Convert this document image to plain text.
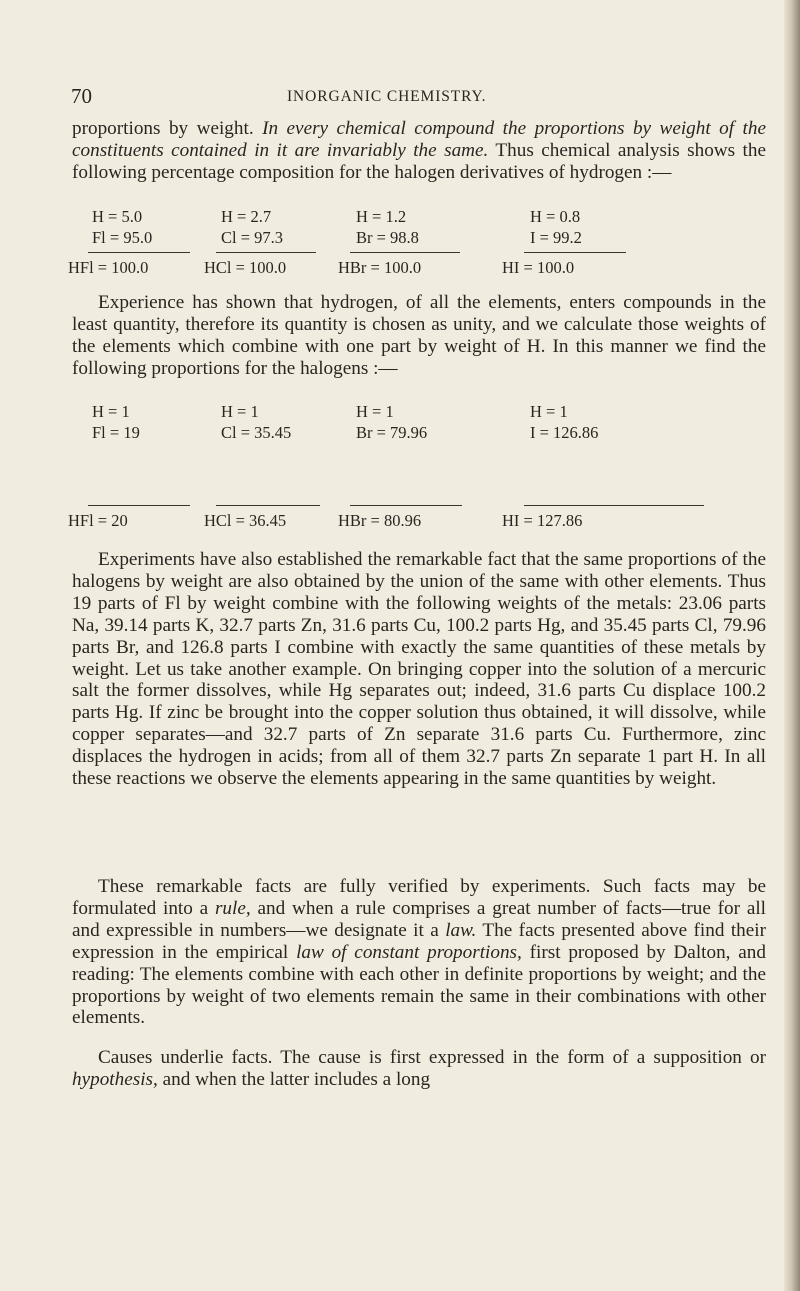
70	INORGANIC CHEMISTRY.
proportions by weight. In every chemical compound the proportions by weight of the constituents contained in it are invariably the same. Thus chemical analysis shows the following percentage composition for the halogen derivatives of hydrogen :—
H = 5.0	H = 2.7	H = 1.2	H = 0.8
Fl = 95.0	Cl = 97.3	Br = 98.8	I = 99.2
HFl = 100.0	HCl = 100.0	HBr = 100.0	HI = 100.0
Experience has shown that hydrogen, of all the elements, enters compounds in the least quantity, therefore its quantity is chosen as unity, and we calculate those weights of the elements which combine with one part by weight of H. In this manner we find the following proportions for the halogens :—
H = 1	H = 1	H = 1	H = 1
Fl = 19	Cl = 35.45	Br = 79.96	I = 126.86
HFl = 20	HCl = 36.45	HBr = 80.96	HI = 127.86
Experiments have also established the remarkable fact that the same proportions of the halogens by weight are also obtained by the union of the same with other elements. Thus 19 parts of Fl by weight combine with the following weights of the metals: 23.06 parts Na, 39.14 parts K, 32.7 parts Zn, 31.6 parts Cu, 100.2 parts Hg, and 35.45 parts Cl, 79.96 parts Br, and 126.8 parts I combine with exactly the same quantities of these metals by weight. Let us take another example. On bringing copper into the solution of a mercuric salt the former dissolves, while Hg separates out; indeed, 31.6 parts Cu displace 100.2 parts Hg. If zinc be brought into the copper solution thus obtained, it will dissolve, while copper separates—and 32.7 parts of Zn separate 31.6 parts Cu. Furthermore, zinc displaces the hydrogen in acids; from all of them 32.7 parts Zn separate 1 part H. In all these reactions we observe the elements appearing in the same quantities by weight.
These remarkable facts are fully verified by experiments. Such facts may be formulated into a rule, and when a rule comprises a great number of facts—true for all and expressible in numbers—we designate it a law. The facts presented above find their expression in the empirical law of constant proportions, first proposed by Dalton, and reading: The elements combine with each other in definite proportions by weight; and the proportions by weight of two elements remain the same in their combinations with other elements.
Causes underlie facts. The cause is first expressed in the form of a supposition or hypothesis, and when the latter includes a long
